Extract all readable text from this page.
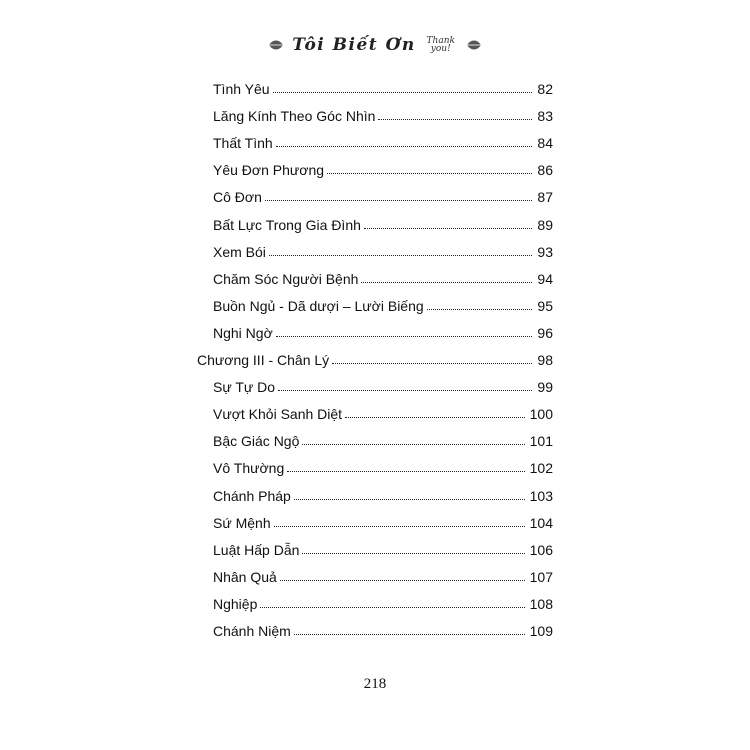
Tôi Biết Ơn	Thank
you!
Tình Yêu	82
Lăng Kính Theo Góc Nhìn	83
Thất Tình	84
Yêu Đơn Phương	86
Cô Đơn	87
Bất Lực Trong Gia Đình	89
Xem Bói	93
Chăm Sóc Người Bệnh	94
Buồn Ngủ - Dã dượi – Lười Biếng	95
Nghi Ngờ	96
Chương III - Chân Lý	98
Sự Tự Do	99
Vượt Khỏi Sanh Diệt	100
Bậc Giác Ngộ	101
Vô Thường	102
Chánh Pháp	103
Sứ Mệnh	104
Luật Hấp Dẫn	106
Nhân Quả	107
Nghiệp	108
Chánh Niệm	109
218
